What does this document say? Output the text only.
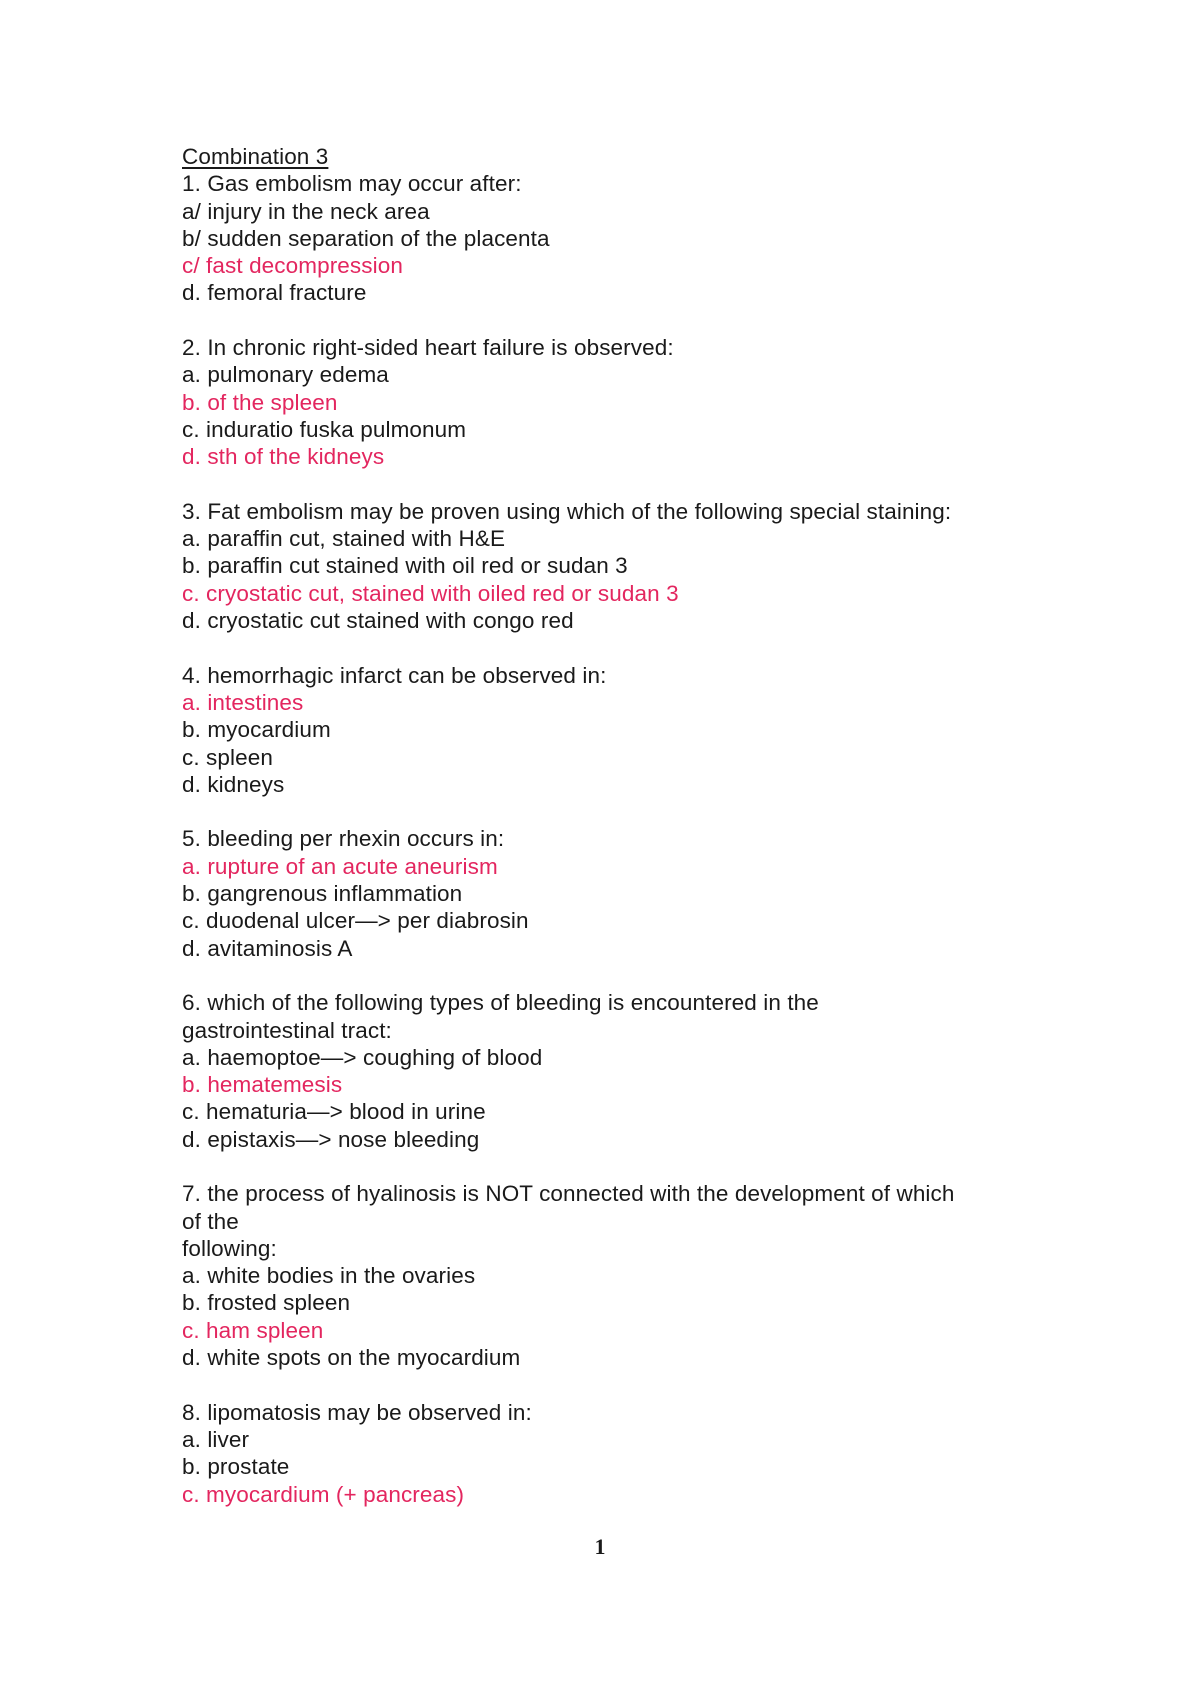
Combination 3
1. Gas embolism may occur after:
a/ injury in the neck area
b/ sudden separation of the placenta
c/ fast decompression
d. femoral fracture
2. In chronic right-sided heart failure is observed:
a. pulmonary edema
b. of the spleen
c. induratio fuska pulmonum
d. sth of the kidneys
3. Fat embolism may be proven using which of the following special staining:
a. paraffin cut, stained with H&E
b. paraffin cut stained with oil red or sudan 3
c. cryostatic cut, stained with oiled red or sudan 3
d. cryostatic cut stained with congo red
4. hemorrhagic infarct can be observed in:
a. intestines
b. myocardium
c. spleen
d. kidneys
5. bleeding per rhexin occurs in:
a. rupture of an acute aneurism
b. gangrenous inflammation
c. duodenal ulcer—> per diabrosin
d. avitaminosis A
6. which of the following types of bleeding is encountered in the
gastrointestinal tract:
a. haemoptoe—> coughing of blood
b. hematemesis
c. hematuria—> blood in urine
d. epistaxis—> nose bleeding
7. the process of hyalinosis is NOT connected with the development of which
of the
following:
a. white bodies in the ovaries
b. frosted spleen
c. ham spleen
d. white spots on the myocardium
8. lipomatosis may be observed in:
a. liver
b. prostate
c. myocardium (+ pancreas)
1
